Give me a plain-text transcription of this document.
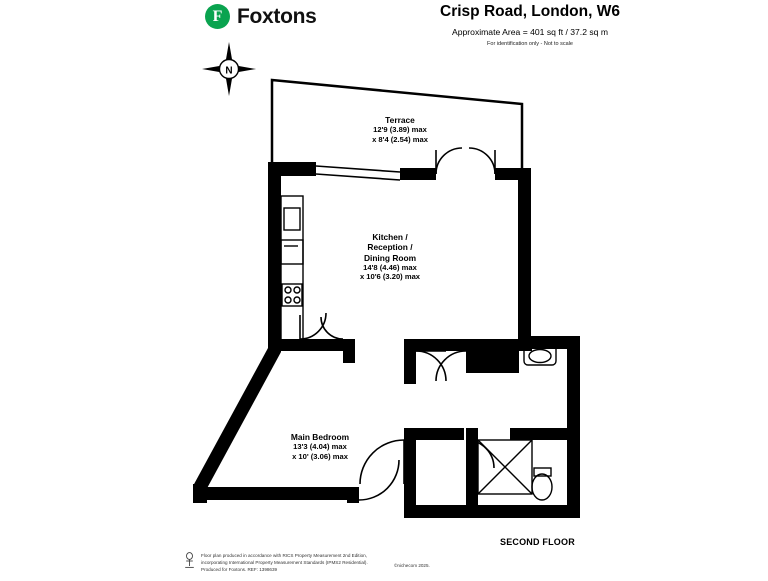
F Foxtons	Crisp Road, London, W6
Approximate Area = 401 sq ft / 37.2 sq m
For identification only - Not to scale
N
Terrace
12'9 (3.89) max
x 8'4 (2.54) max
Kitchen /
Reception /
Dining Room
14'8 (4.46) max
x 10'6 (3.20) max
Main Bedroom
13'3 (4.04) max
x 10' (3.06) max
SECOND FLOOR
Floor plan produced in accordance with RICS Property Measurement 2nd Edition,
incorporating International Property Measurement Standards (IPMS2 Residential).
Produced for Foxtons. REF: 1398639
©nichecom 2025.
